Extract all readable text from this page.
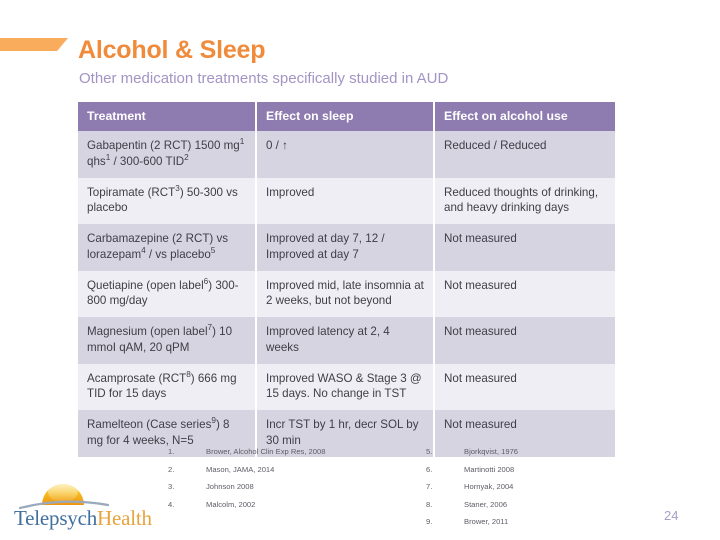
Alcohol & Sleep
Other medication treatments specifically studied in AUD
Treatment	Effect on sleep	Effect on alcohol use
Gabapentin (2 RCT) 1500 $mg^1$
qhs$^1$ / 300-600 TID$^2$	0 / ↑	Reduced / Reduced
Topiramate (RCT$^3$) 50-300 vs placebo	Improved	Reduced thoughts of drinking, and heavy drinking days
Carbamazepine (2 RCT) vs lorazepam$^4$ / vs placebo$^5$	Improved at day 7, 12 / Improved at day 7	Not measured
Quetiapine (open label$^6$) 300-800 mg/day	Improved mid, late insomnia at 2 weeks, but not beyond	Not measured
Magnesium (open label$^7$) 10 mmoI qAM, 20 qPM	Improved latency at 2, 4 weeks	Not measured
Acamprosate (RCT$^8$) 666 mg TID for 15 days	Improved WASO & Stage 3 @ 15 days. No change in TST	Not measured
Ramelteon (Case series$^9$) 8 mg for 4 weeks, N=5	Incr TST by 1 hr, decr SOL by 30 min	Not measured
1.	Brower, Alcohol Clin Exp Res, 2008
2.	Mason, JAMA, 2014
3.	Johnson 2008
4.	Malcolm, 2002
5.	Bjorkqvist, 1976
6.	Martinotti 2008
7.	Hornyak, 2004
8.	Staner, 2006
9.	Brower, 2011
TelepsychHealth	24
